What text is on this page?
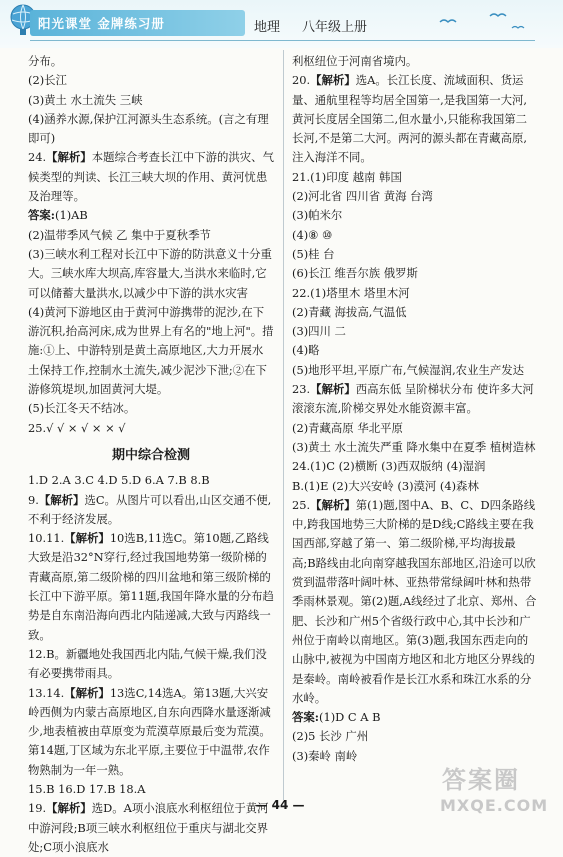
阳光课堂 金牌练习册	地理 八年级上册

分布。

(2)长江

(3)黄土 水土流失 三峡

(4)涵养水源,保护江河源头生态系统。(言之有理即可)

24.【解析】本题综合考查长江中下游的洪灾、气候类型的判读、长江三峡大坝的作用、黄河忧患及治理等。

答案:(1)AB

(2)温带季风气候 乙 集中于夏秋季节

(3)三峡水利工程对长江中下游的防洪意义十分重大。三峡水库大坝高,库容量大,当洪水来临时,它可以储蓄大量洪水,以减少中下游的洪水灾害

(4)黄河下游地区由于黄河中游携带的泥沙,在下游沉积,抬高河床,成为世界上有名的"地上河"。措施:①上、中游特别是黄土高原地区,大力开展水土保持工作,控制水土流失,减少泥沙下泄;②在下游修筑堤坝,加固黄河大堤。

(5)长江冬天不结冰。

25.√ √ × √ × × √

期中综合检测

1.D 2.A 3.C 4.D 5.D 6.A 7.B 8.B

9.【解析】选C。从图片可以看出,山区交通不便,不利于经济发展。

10.11.【解析】10选B,11选C。第10题,乙路线大致是沿32°N穿行,经过我国地势第一级阶梯的青藏高原,第二级阶梯的四川盆地和第三级阶梯的长江中下游平原。第11题,我国年降水量的分布趋势是自东南沿海向西北内陆递减,大致与丙路线一致。

12.B。新疆地处我国西北内陆,气候干燥,我们没有必要携带雨具。

13.14.【解析】13选C,14选A。第13题,大兴安岭西侧为内蒙古高原地区,自东向西降水量逐渐减少,地表植被由草原变为荒漠草原最后变为荒漠。第14题,丁区域为东北平原,主要位于中温带,农作物熟制为一年一熟。

15.B 16.D 17.B 18.A

19.【解析】选D。A项小浪底水利枢纽位于黄河中游河段;B项三峡水利枢纽位于重庆与湖北交界处;C项小浪底水

利枢纽位于河南省境内。

20.【解析】选A。长江长度、流域面积、货运量、通航里程等均居全国第一,是我国第一大河,黄河长度居全国第二,但水量小,只能称我国第二长河,不是第二大河。两河的源头都在青藏高原,注入海洋不同。

21.(1)印度 越南 韩国

(2)河北省 四川省 黄海 台湾

(3)帕米尔

(4)⑧ ⑩

(5)桂 台

(6)长江 维吾尔族 俄罗斯

22.(1)塔里木 塔里木河

(2)青藏 海拔高,气温低

(3)四川 二

(4)略

(5)地形平坦,平原广布,气候湿润,农业生产发达

23.【解析】西高东低 呈阶梯状分布 使许多大河滚滚东流,阶梯交界处水能资源丰富。

(2)青藏高原 华北平原

(3)黄土 水土流失严重 降水集中在夏季 植树造林

24.(1)C (2)横断 (3)西双版纳 (4)湿润

B.(1)E (2)大兴安岭 (3)漠河 (4)森林

25.【解析】第(1)题,图中A、B、C、D四条路线中,跨我国地势三大阶梯的是D线;C路线主要在我国西部,穿越了第一、第二级阶梯,平均海拔最高;B路线由北向南穿越我国东部地区,沿途可以欣赏到温带落叶阔叶林、亚热带常绿阔叶林和热带季雨林景观。第(2)题,A线经过了北京、郑州、合肥、长沙和广州5个省级行政中心,其中长沙和广州位于南岭以南地区。第(3)题,我国东西走向的山脉中,被视为中国南方地区和北方地区分界线的是秦岭。南岭被看作是长江水系和珠江水系的分水岭。

答案:(1)D C A B

(2)5 长沙 广州

(3)秦岭 南岭

— 44 —
答案圈
MXQE.COM
